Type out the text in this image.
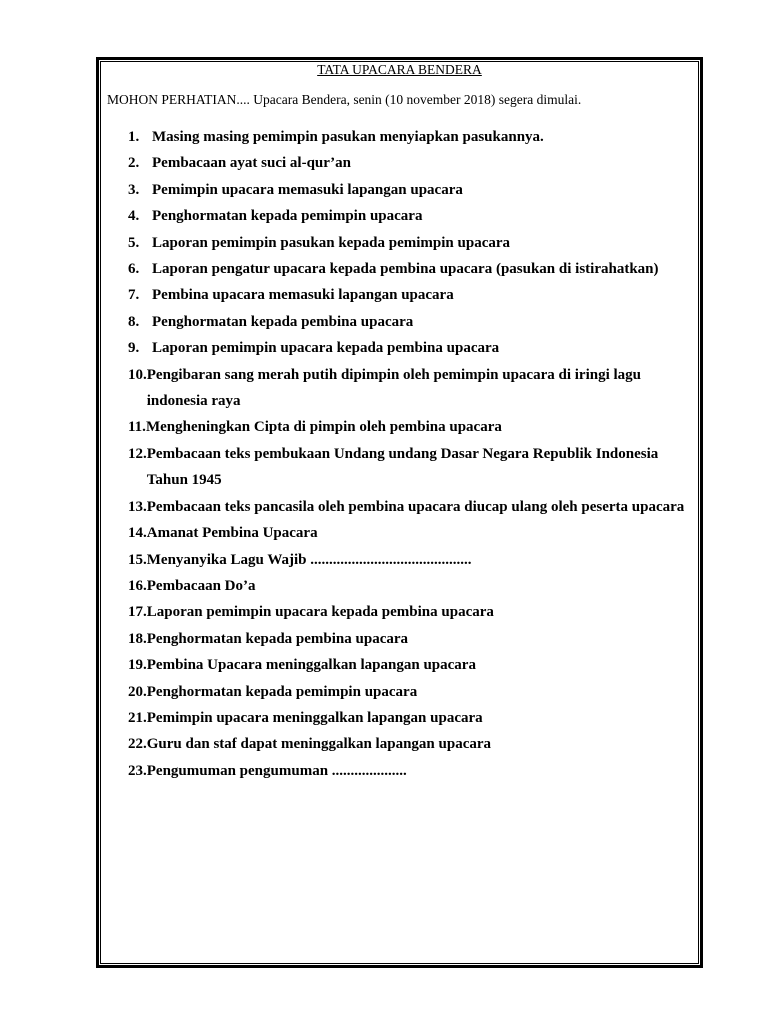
TATA UPACARA BENDERA
MOHON PERHATIAN.... Upacara Bendera, senin (10 november 2018) segera dimulai.
1. Masing masing pemimpin pasukan menyiapkan pasukannya.
2. Pembacaan ayat suci al-qur’an
3. Pemimpin upacara memasuki lapangan upacara
4. Penghormatan kepada pemimpin upacara
5. Laporan pemimpin pasukan kepada pemimpin upacara
6. Laporan pengatur upacara kepada pembina upacara (pasukan di istirahatkan)
7. Pembina upacara memasuki lapangan upacara
8. Penghormatan kepada pembina upacara
9. Laporan pemimpin upacara kepada pembina upacara
10. Pengibaran sang merah putih dipimpin oleh pemimpin upacara di iringi lagu indonesia raya
11. Mengheningkan Cipta di pimpin oleh pembina upacara
12. Pembacaan teks pembukaan Undang undang Dasar Negara Republik Indonesia Tahun 1945
13. Pembacaan teks pancasila oleh pembina upacara diucap ulang oleh peserta upacara
14. Amanat Pembina Upacara
15. Menyanyika Lagu Wajib ...........................................
16. Pembacaan Do’a
17. Laporan pemimpin upacara kepada pembina upacara
18. Penghormatan kepada pembina upacara
19. Pembina Upacara meninggalkan lapangan upacara
20. Penghormatan kepada pemimpin upacara
21. Pemimpin upacara meninggalkan lapangan upacara
22. Guru dan staf dapat meninggalkan lapangan upacara
23. Pengumuman pengumuman ....................
